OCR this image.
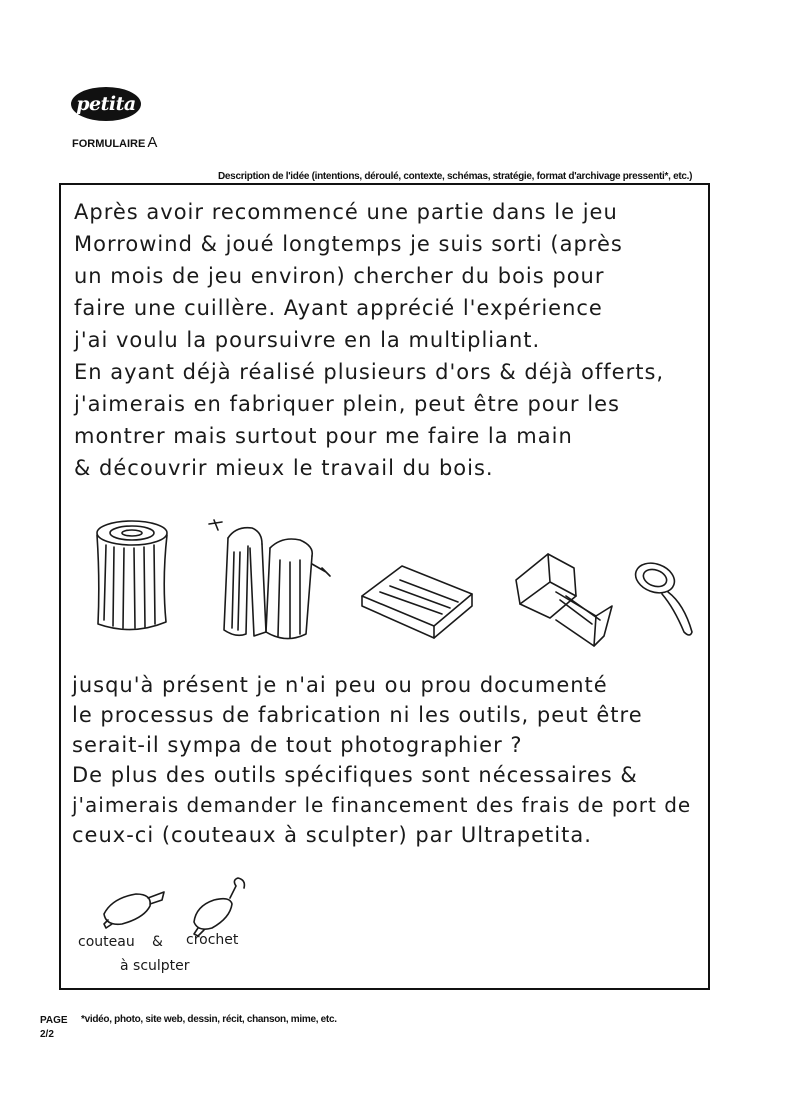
petita
FORMULAIRE A
Description de l'idée (intentions, déroulé, contexte, schémas, stratégie, format d'archivage pressenti*, etc.)
Après avoir recommencé une partie dans le jeu
Morrowind & joué longtemps je suis sorti (après
un mois de jeu environ) chercher du bois pour
faire une cuillère. Ayant apprécié l'expérience
j'ai voulu la poursuivre en la multipliant.
En ayant déjà réalisé plusieurs d'ors & déjà offerts,
j'aimerais en fabriquer plein, peut être pour les
montrer mais surtout pour me faire la main
& découvrir mieux le travail du bois.
jusqu'à présent je n'ai peu ou prou documenté
le processus de fabrication ni les outils, peut être
serait-il sympa de tout photographier ?
De plus des outils spécifiques sont nécessaires &
j'aimerais demander le financement des frais de port de
ceux-ci (couteaux à sculpter) par Ultrapetita.
couteau & crochet
à sculpter
PAGE
2/2
*vidéo, photo, site web, dessin, récit, chanson, mime, etc.
